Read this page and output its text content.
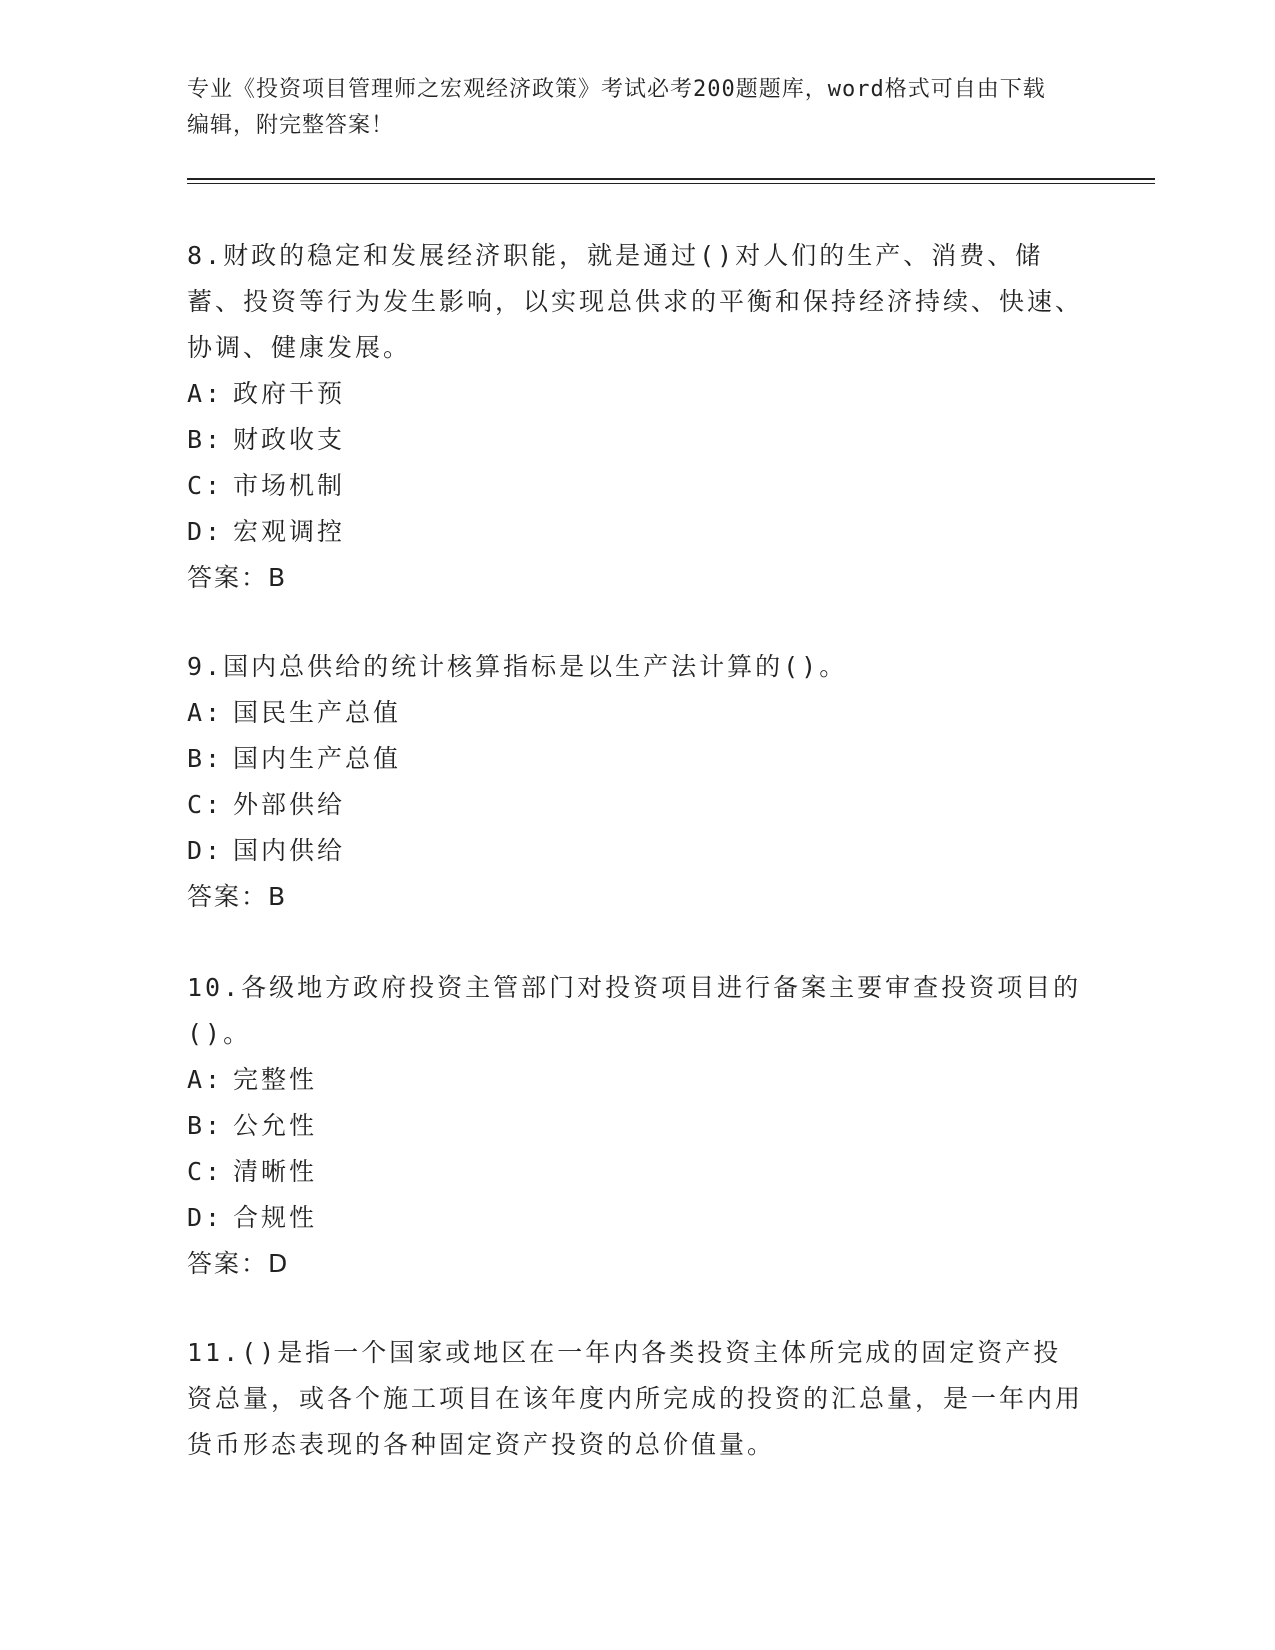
专业《投资项目管理师之宏观经济政策》考试必考200题题库，word格式可自由下载编辑，附完整答案！
8.财政的稳定和发展经济职能，就是通过()对人们的生产、消费、储蓄、投资等行为发生影响，以实现总供求的平衡和保持经济持续、快速、协调、健康发展。
A: 政府干预
B: 财政收支
C: 市场机制
D: 宏观调控
答案：B
9.国内总供给的统计核算指标是以生产法计算的()。
A: 国民生产总值
B: 国内生产总值
C: 外部供给
D: 国内供给
答案：B
10.各级地方政府投资主管部门对投资项目进行备案主要审查投资项目的()。
A: 完整性
B: 公允性
C: 清晰性
D: 合规性
答案：D
11.()是指一个国家或地区在一年内各类投资主体所完成的固定资产投资总量，或各个施工项目在该年度内所完成的投资的汇总量，是一年内用货币形态表现的各种固定资产投资的总价值量。
